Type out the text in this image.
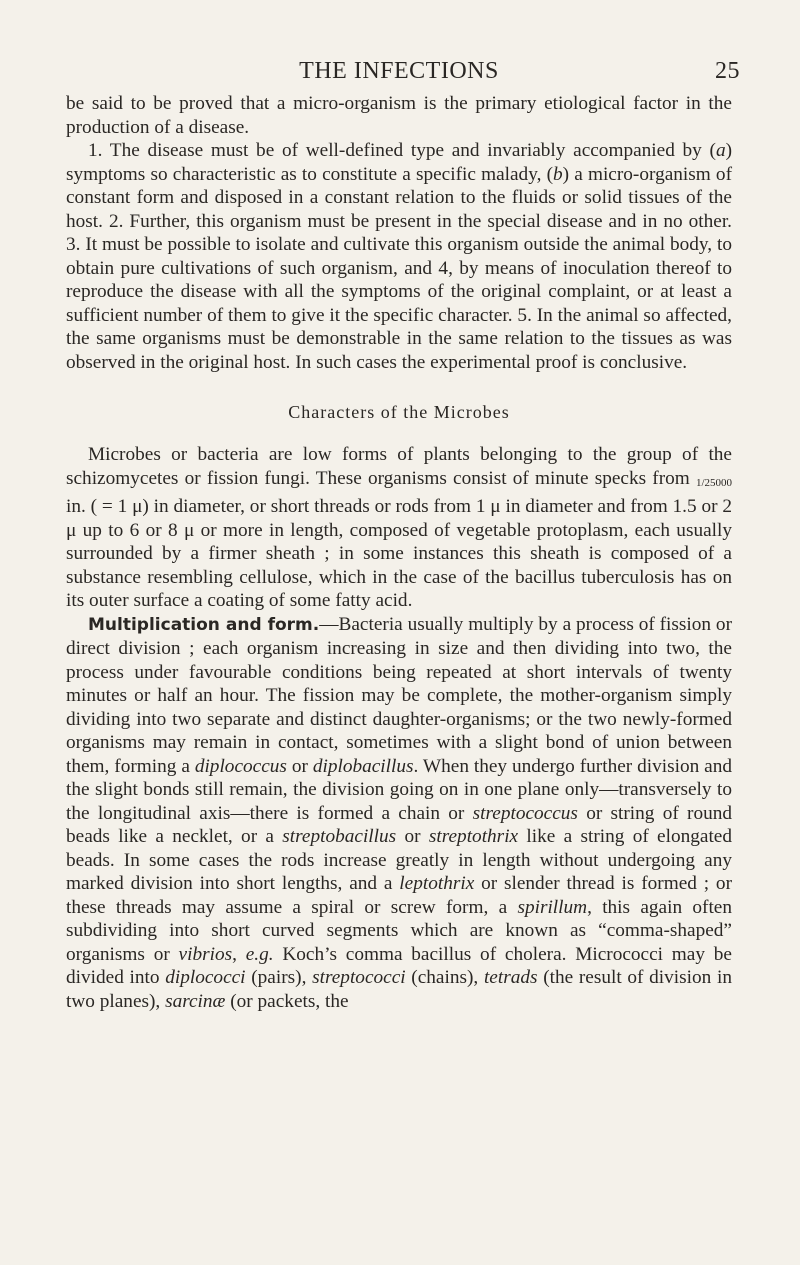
THE INFECTIONS	25

be said to be proved that a micro-organism is the primary etiological factor in the production of a disease.

1. The disease must be of well-defined type and invariably accompanied by (a) symptoms so characteristic as to constitute a specific malady, (b) a micro-organism of constant form and disposed in a constant relation to the fluids or solid tissues of the host. 2. Further, this organism must be present in the special disease and in no other. 3. It must be possible to isolate and cultivate this organism outside the animal body, to obtain pure cultivations of such organism, and 4, by means of inoculation thereof to reproduce the disease with all the symptoms of the original complaint, or at least a sufficient number of them to give it the specific character. 5. In the animal so affected, the same organisms must be demonstrable in the same relation to the tissues as was observed in the original host. In such cases the experimental proof is conclusive.

Characters of the Microbes

Microbes or bacteria are low forms of plants belonging to the group of the schizomycetes or fission fungi. These organisms consist of minute specks from 1/25000 in. ( = 1 μ) in diameter, or short threads or rods from 1 μ in diameter and from 1.5 or 2 μ up to 6 or 8 μ or more in length, composed of vegetable protoplasm, each usually surrounded by a firmer sheath ; in some instances this sheath is composed of a substance resembling cellulose, which in the case of the bacillus tuberculosis has on its outer surface a coating of some fatty acid.

Multiplication and form.—Bacteria usually multiply by a process of fission or direct division ; each organism increasing in size and then dividing into two, the process under favourable conditions being repeated at short intervals of twenty minutes or half an hour. The fission may be complete, the mother-organism simply dividing into two separate and distinct daughter-organisms; or the two newly-formed organisms may remain in contact, sometimes with a slight bond of union between them, forming a diplococcus or diplobacillus. When they undergo further division and the slight bonds still remain, the division going on in one plane only—transversely to the longitudinal axis—there is formed a chain or streptococcus or string of round beads like a necklet, or a streptobacillus or streptothrix like a string of elongated beads. In some cases the rods increase greatly in length without undergoing any marked division into short lengths, and a leptothrix or slender thread is formed ; or these threads may assume a spiral or screw form, a spirillum, this again often subdividing into short curved segments which are known as “comma-shaped” organisms or vibrios, e.g. Koch’s comma bacillus of cholera. Micrococci may be divided into diplococci (pairs), streptococci (chains), tetrads (the result of division in two planes), sarcinæ (or packets, the
